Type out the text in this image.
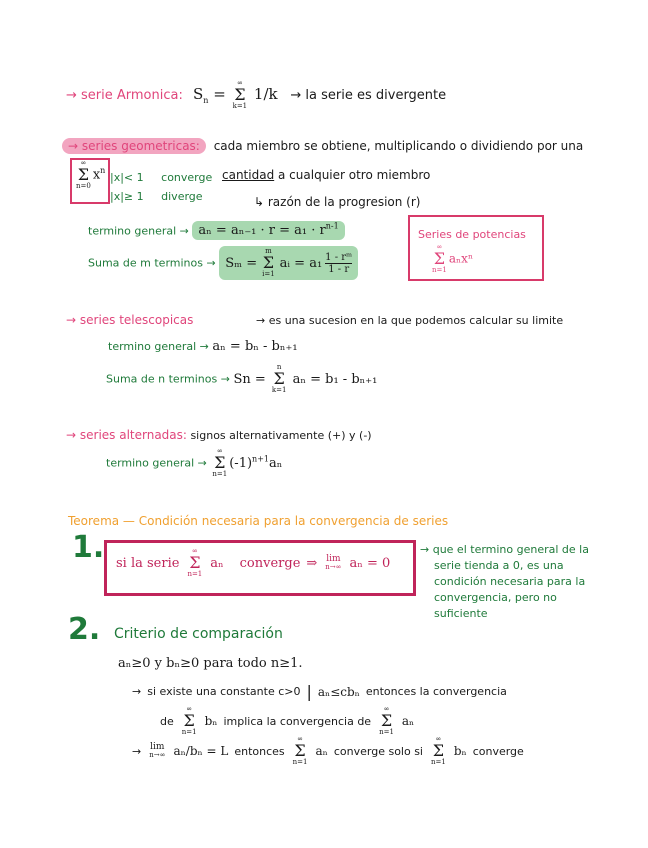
→ serie Armonica: $S_n$ =
∞
Σ
k=1
1/k → la serie es divergente
→ series geometricas: cada miembro se obtiene, multiplicando o dividiendo por una
cantidad a cualquier otro miembro
↳ razón de la progresion (r)
∞
Σ
n=0
$x^n$
|x|< 1 converge
|x|≥ 1 diverge
termino general → $a_n = a_{n-1} \cdot r = a_1 \cdot r^{n-1}$
Suma de m terminos → Sₘ =
m
Σ
i=1
aᵢ = a₁ 1 - rᵐ
1 - r
Series de potencias
∞
Σ
n=1
aₙxⁿ
→ series telescopicas	→ es una sucesion en la que podemos calcular su limite
termino general → aₙ = bₙ - bₙ₊₁
Suma de n terminos → Sn =
n
Σ
k=1
aₙ = b₁ - bₙ₊₁
→ series alternadas: signos alternativamente (+) y (-)
termino general →
∞
Σ
n=1
$(-1)^{n+1}a_n$
Teorema — Condición necesaria para la convergencia de series
1. si la serie
∞
Σ
n=1
aₙ converge ⇒ lim
n→∞ aₙ = 0
→ que el termino general de la
serie tienda a 0, es una
condición necesaria para la
convergencia, pero no
suficiente
2. Criterio de comparación
aₙ≥0 y bₙ≥0 para todo n≥1.
→ si existe una constante c>0 | aₙ≤cbₙ entonces la convergencia
de
∞
Σ
n=1
bₙ implica la convergencia de
∞
Σ
n=1
aₙ
→ lim
n→∞ aₙ/bₙ = L entonces
∞
Σ
n=1
aₙ converge solo si
∞
Σ
n=1
bₙ converge
